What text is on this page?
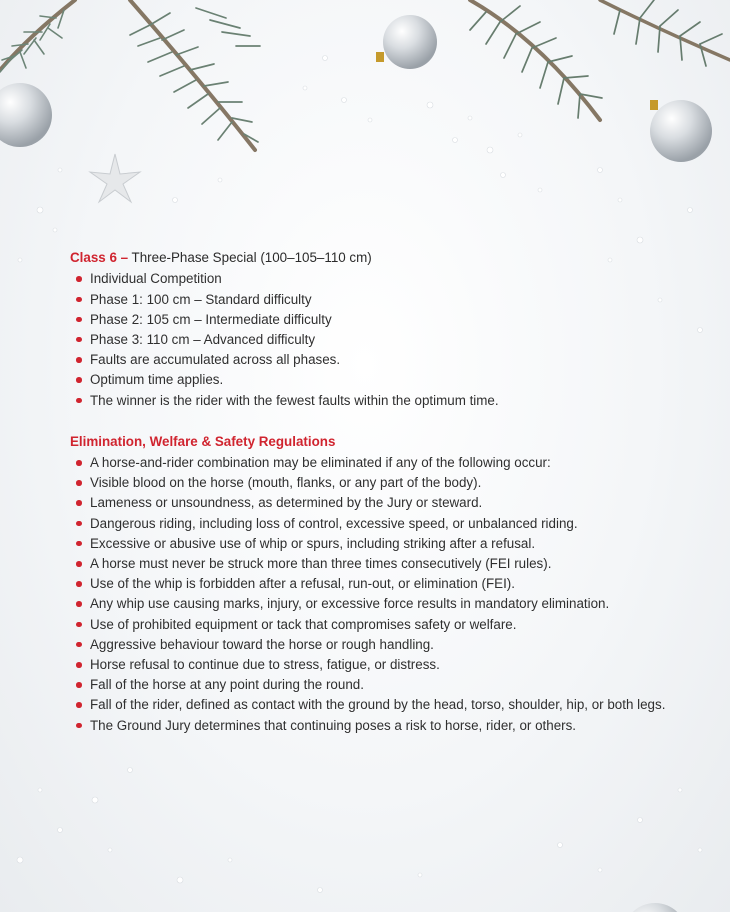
Class 6 – Three-Phase Special (100–105–110 cm)
Individual Competition
Phase 1: 100 cm – Standard difficulty
Phase 2: 105 cm – Intermediate difficulty
Phase 3: 110 cm – Advanced difficulty
Faults are accumulated across all phases.
Optimum time applies.
The winner is the rider with the fewest faults within the optimum time.
Elimination, Welfare & Safety Regulations
A horse-and-rider combination may be eliminated if any of the following occur:
Visible blood on the horse (mouth, flanks, or any part of the body).
Lameness or unsoundness, as determined by the Jury or steward.
Dangerous riding, including loss of control, excessive speed, or unbalanced riding.
Excessive or abusive use of whip or spurs, including striking after a refusal.
A horse must never be struck more than three times consecutively (FEI rules).
Use of the whip is forbidden after a refusal, run-out, or elimination (FEI).
Any whip use causing marks, injury, or excessive force results in mandatory elimination.
Use of prohibited equipment or tack that compromises safety or welfare.
Aggressive behaviour toward the horse or rough handling.
Horse refusal to continue due to stress, fatigue, or distress.
Fall of the horse at any point during the round.
Fall of the rider, defined as contact with the ground by the head, torso, shoulder, hip, or both legs.
The Ground Jury determines that continuing poses a risk to horse, rider, or others.
